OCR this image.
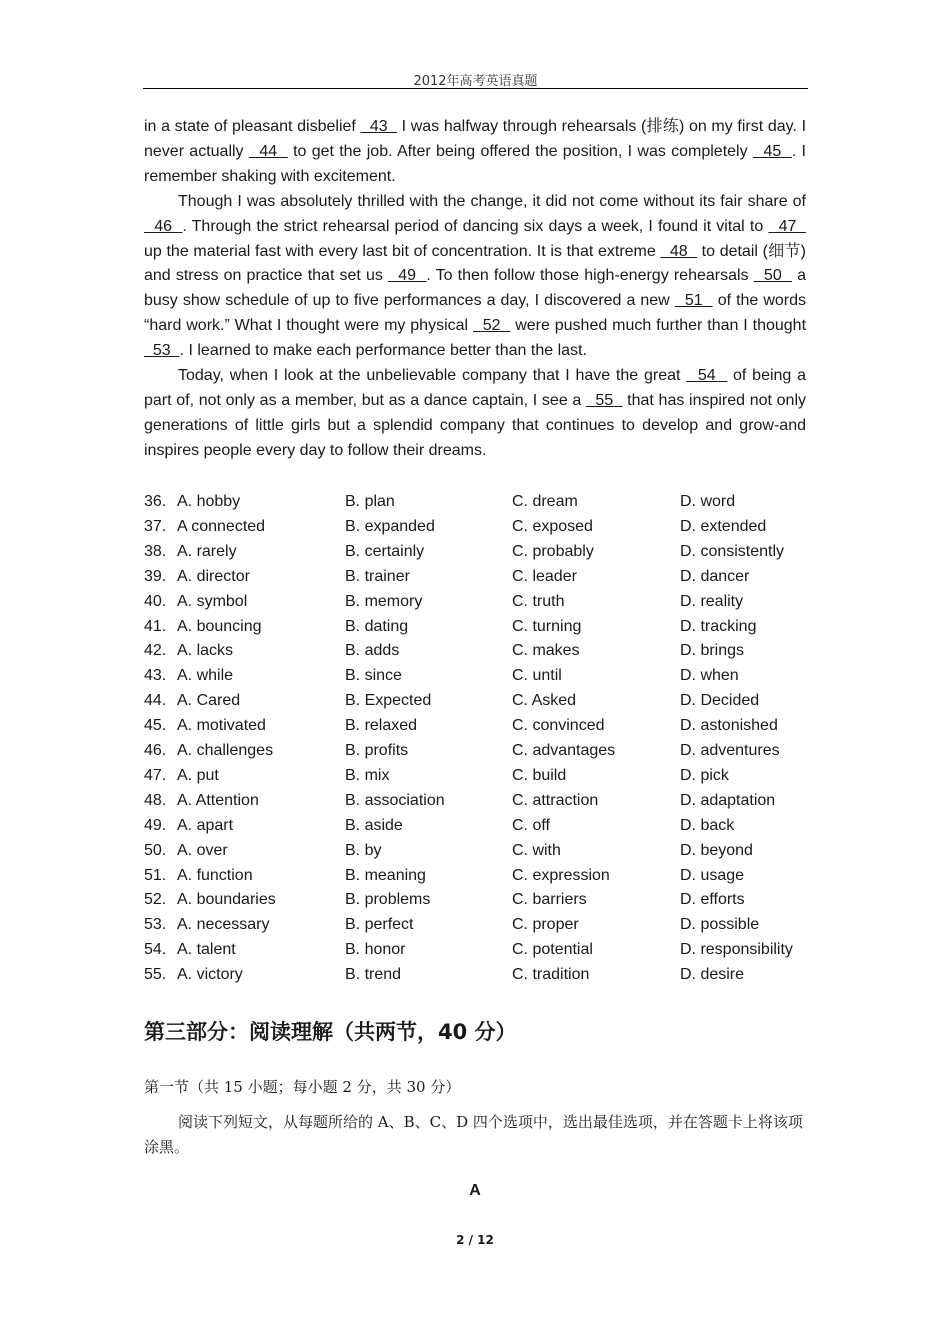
2012年高考英语真题

in a state of pleasant disbelief   43   I was halfway through rehearsals (排练) on my first day. I never actually   44   to get the job. After being offered the position, I was completely   45  . I remember shaking with excitement.

Though I was absolutely thrilled with the change, it did not come without its fair share of   46  . Through the strict rehearsal period of dancing six days a week, I found it vital to   47   up the material fast with every last bit of concentration. It is that extreme   48   to detail (细节) and stress on practice that set us   49  . To then follow those high-energy rehearsals   50   a busy show schedule of up to five performances a day, I discovered a new   51   of the words “hard work.” What I thought were my physical   52   were pushed much further than I thought   53  . I learned to make each performance better than the last.

Today, when I look at the unbelievable company that I have the great   54   of being a part of, not only as a member, but as a dance captain, I see a   55   that has inspired not only generations of little girls but a splendid company that continues to develop and grow-and inspires people every day to follow their dreams.

36. A. hobby	B. plan	C. dream	D. word
37. A connected	B. expanded	C. exposed	D. extended
38. A. rarely	B. certainly	C. probably	D. consistently
39. A. director	B. trainer	C. leader	D. dancer
40. A. symbol	B. memory	C. truth	D. reality
41. A. bouncing	B. dating	C. turning	D. tracking
42. A. lacks	B. adds	C. makes	D. brings
43. A. while	B. since	C. until	D. when
44. A. Cared	B. Expected	C. Asked	D. Decided
45. A. motivated	B. relaxed	C. convinced	D. astonished
46. A. challenges	B. profits	C. advantages	D. adventures
47. A. put	B. mix	C. build	D. pick
48. A. Attention	B. association	C. attraction	D. adaptation
49. A. apart	B. aside	C. off	D. back
50. A. over	B. by	C. with	D. beyond
51. A. function	B. meaning	C. expression	D. usage
52. A. boundaries	B. problems	C. barriers	D. efforts
53. A. necessary	B. perfect	C. proper	D. possible
54. A. talent	B. honor	C. potential	D. responsibility
55. A. victory	B. trend	C. tradition	D. desire
第三部分：阅读理解（共两节，40 分）
第一节（共 15 小题；每小题 2 分，共 30 分）
阅读下列短文，从每题所给的 A、B、C、D 四个选项中，选出最佳选项，并在答题卡上将该项涂黑。
A
2 / 12
